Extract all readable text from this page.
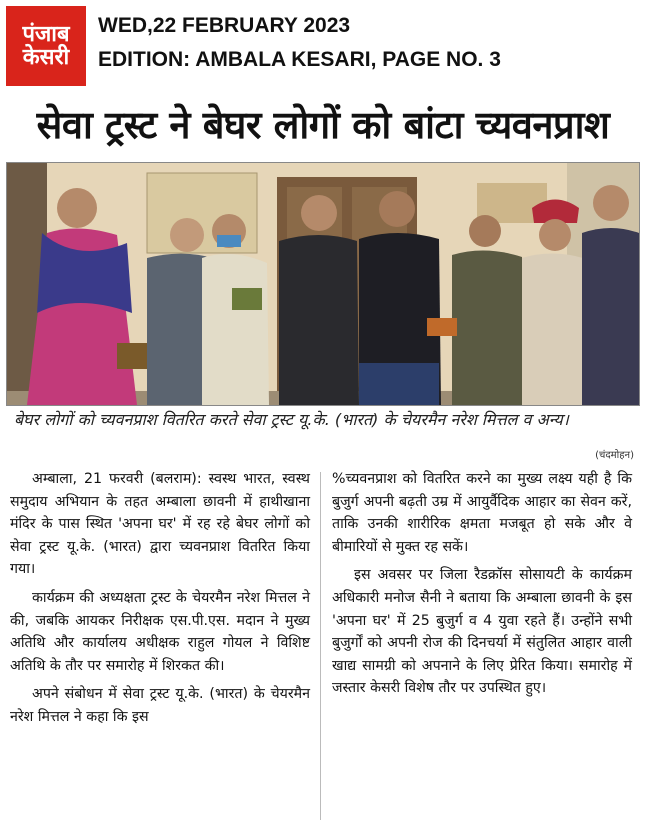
पंजाब
केसरी
WED,22 FEBRUARY 2023
EDITION: AMBALA KESARI, PAGE NO. 3
सेवा ट्रस्ट ने बेघर लोगों को बांटा च्यवनप्राश
बेघर लोगों को च्यवनप्राश वितरित करते सेवा ट्रस्ट यू.के. (भारत) के चेयरमैन नरेश मित्तल व अन्य।
(चंदमोहन)

अम्बाला, 21 फरवरी (बलराम): स्वस्थ भारत, स्वस्थ समुदाय अभियान के तहत अम्बाला छावनी में हाथीखाना मंदिर के पास स्थित 'अपना घर' में रह रहे बेघर लोगों को सेवा ट्रस्ट यू.के. (भारत) द्वारा च्यवनप्राश वितरित किया गया।

कार्यक्रम की अध्यक्षता ट्रस्ट के चेयरमैन नरेश मित्तल ने की, जबकि आयकर निरीक्षक एस.पी.एस. मदान ने मुख्य अतिथि और कार्यालय अधीक्षक राहुल गोयल ने विशिष्ट अतिथि के तौर पर समारोह में शिरकत की।

अपने संबोधन में सेवा ट्रस्ट यू.के. (भारत) के चेयरमैन नरेश मित्तल ने कहा कि इस

%च्यवनप्राश को वितरित करने का मुख्य लक्ष्य यही है कि बुजुर्ग अपनी बढ़ती उम्र में आयुर्वैदिक आहार का सेवन करें, ताकि उनकी शारीरिक क्षमता मजबूत हो सके और वे बीमारियों से मुक्त रह सकें।

इस अवसर पर जिला रैडक्रॉस सोसायटी के कार्यक्रम अधिकारी मनोज सैनी ने बताया कि अम्बाला छावनी के इस 'अपना घर' में 25 बुजुर्ग व 4 युवा रहते हैं। उन्होंने सभी बुजुर्गों को अपनी रोज की दिनचर्या में संतुलित आहार वाली खाद्य सामग्री को अपनाने के लिए प्रेरित किया। समारोह में जस्तार केसरी विशेष तौर पर उपस्थित हुए।
